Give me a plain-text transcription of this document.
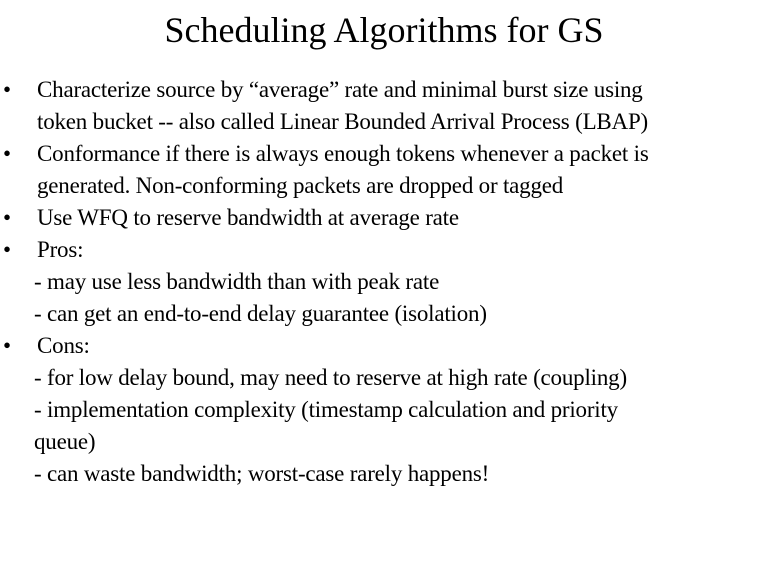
Scheduling Algorithms for GS
•	Characterize source by “average” rate and minimal burst size using
token bucket -- also called Linear Bounded Arrival Process (LBAP)
•	Conformance if there is always enough tokens whenever a packet is
generated. Non-conforming packets are dropped or tagged
•	Use WFQ to reserve bandwidth at average rate
•	Pros:
- may use less bandwidth than with peak rate
- can get an end-to-end delay guarantee (isolation)
•	Cons:
- for low delay bound, may need to reserve at high rate (coupling)
- implementation complexity (timestamp calculation and priority
queue)
- can waste bandwidth; worst-case rarely happens!
